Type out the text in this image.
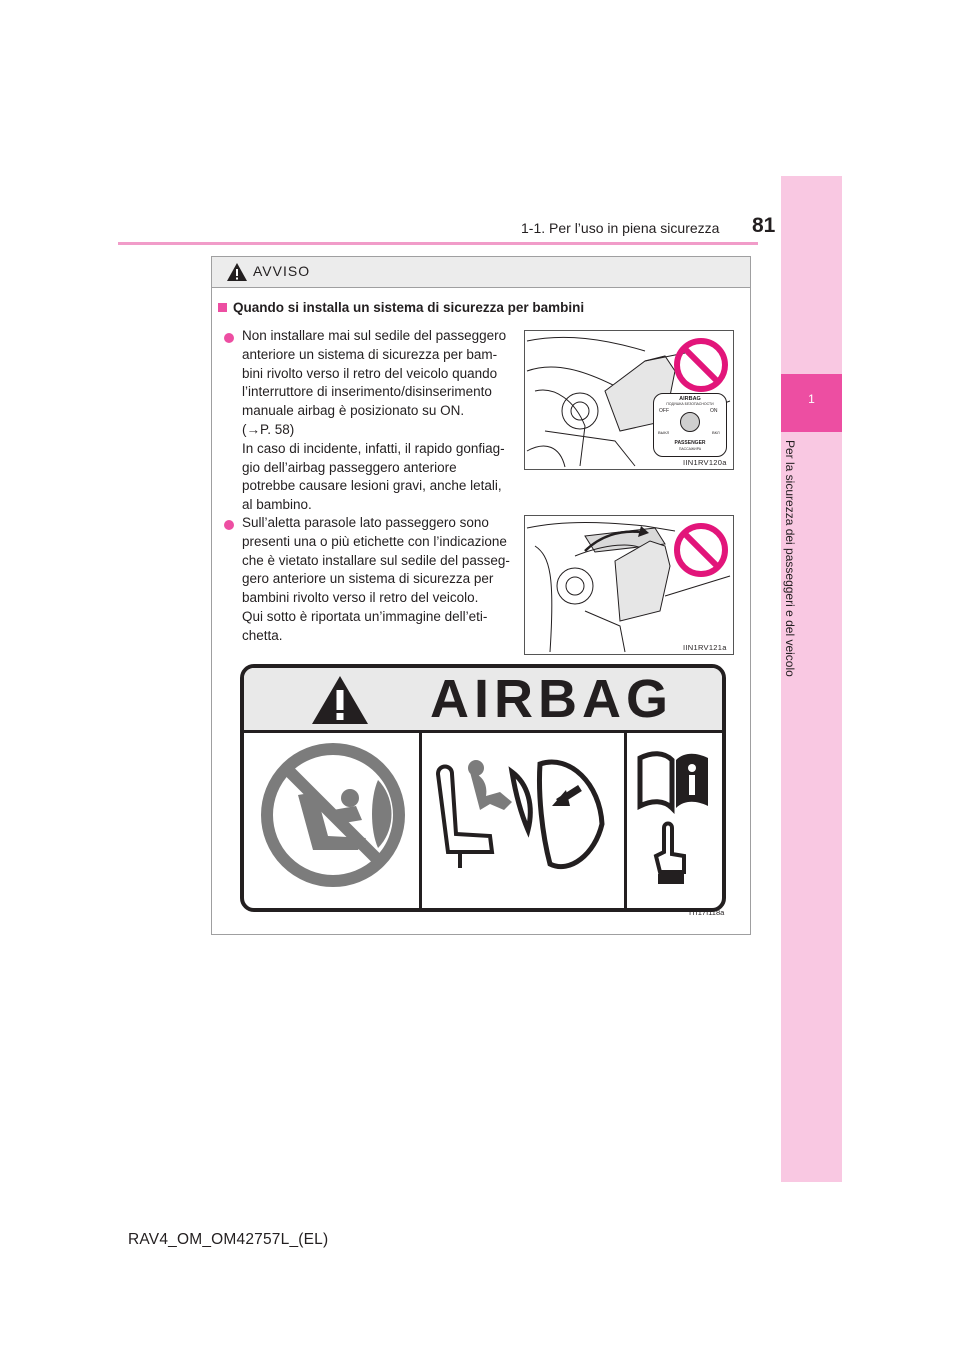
81
1-1. Per l’uso in piena sicurezza
1
Per la sicurezza dei passeggeri e del veicolo
AVVISO
Quando si installa un sistema di sicurezza per bambini
Non installare mai sul sedile del passeggero
anteriore un sistema di sicurezza per bam-
bini rivolto verso il retro del veicolo quando
l’interruttore di inserimento/disinserimento
manuale airbag è posizionato su ON.
(→P. 58)
In caso di incidente, infatti, il rapido gonfiag-
gio dell’airbag passeggero anteriore
potrebbe causare lesioni gravi, anche letali,
al bambino.
AIRBAG
ПОДУШКА БЕЗОПАСНОСТИ
OFF	ON
ВЫКЛ	ВКЛ
PASSENGER
ПАССАЖИРА
IIN1RV120a
Sull’aletta parasole lato passeggero sono
presenti una o più etichette con l’indicazione
che è vietato installare sul sedile del passeg-
gero anteriore un sistema di sicurezza per
bambini rivolto verso il retro del veicolo.
Qui sotto è riportata un’immagine dell’eti-
chetta.
IIN1RV121a
AIRBAG
ITI17I118a
RAV4_OM_OM42757L_(EL)
